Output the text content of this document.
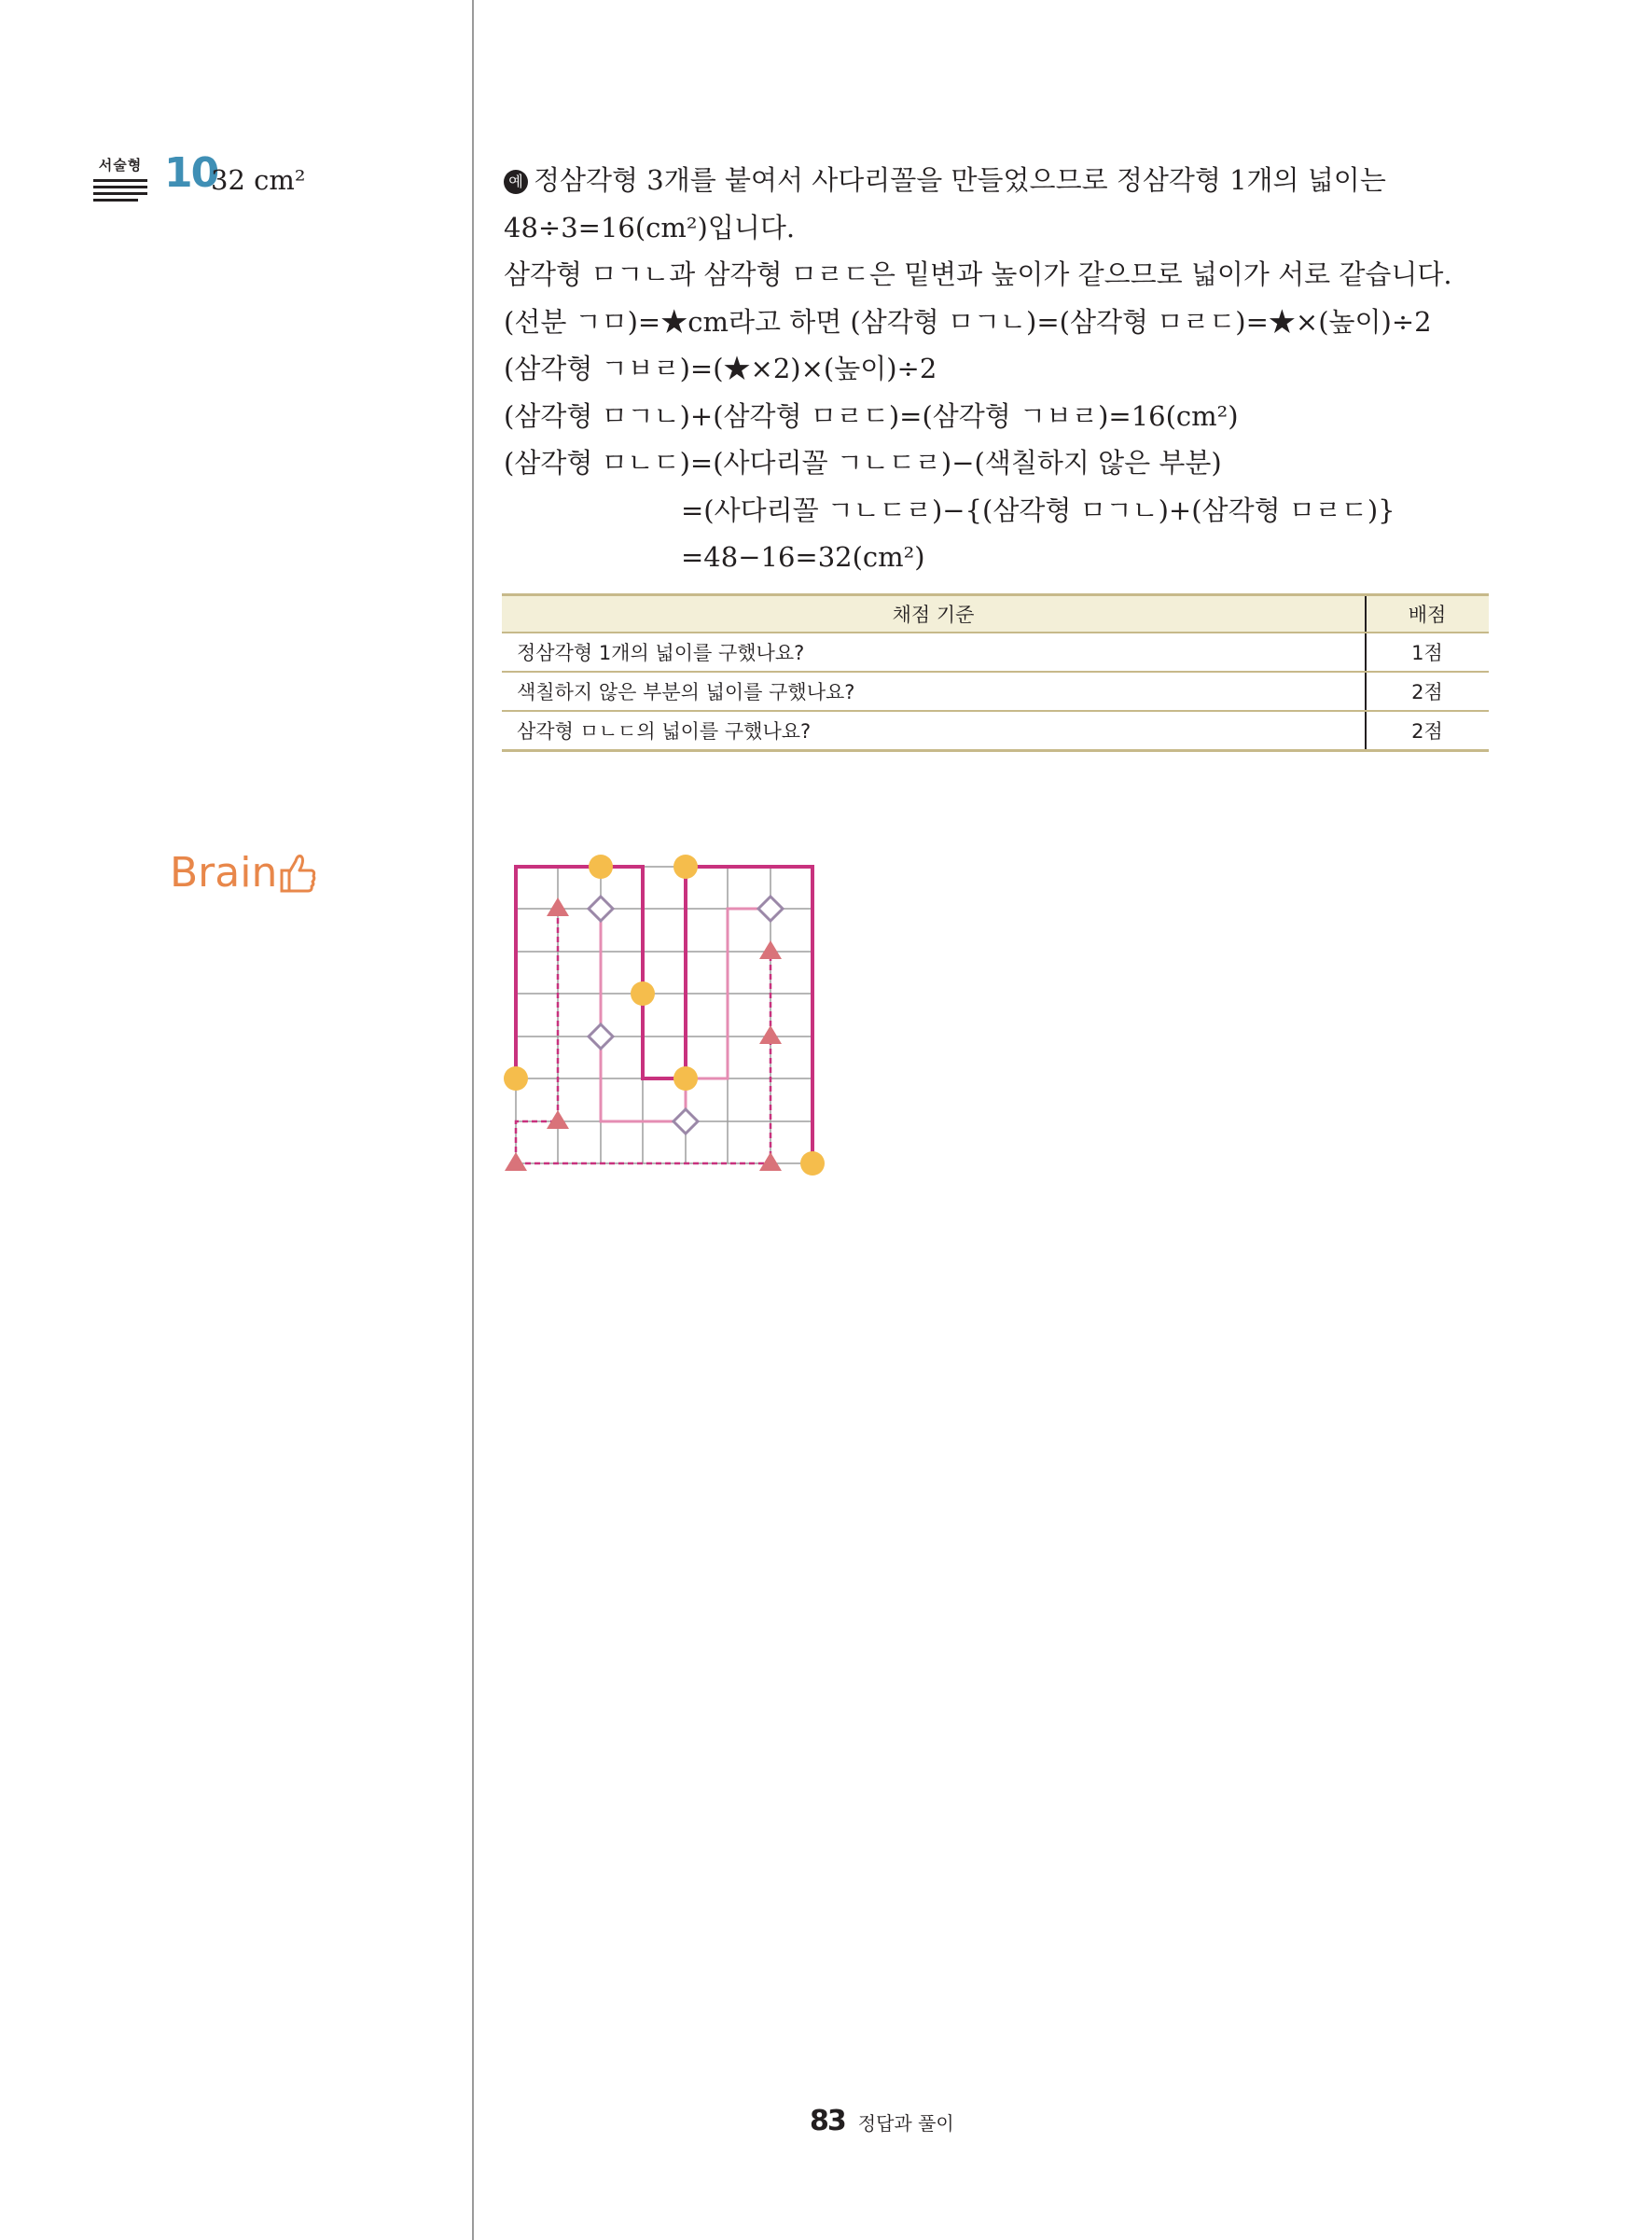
서술형 10
32 cm²
Brain
예 정삼각형 3개를 붙여서 사다리꼴을 만들었으므로 정삼각형 1개의 넓이는
48÷3=16(cm²)입니다.
삼각형 ㅁㄱㄴ과 삼각형 ㅁㄹㄷ은 밑변과 높이가 같으므로 넓이가 서로 같습니다.
(선분 ㄱㅁ)=★cm라고 하면 (삼각형 ㅁㄱㄴ)=(삼각형 ㅁㄹㄷ)=★×(높이)÷2
(삼각형 ㄱㅂㄹ)=(★×2)×(높이)÷2
(삼각형 ㅁㄱㄴ)+(삼각형 ㅁㄹㄷ)=(삼각형 ㄱㅂㄹ)=16(cm²)
(삼각형 ㅁㄴㄷ)=(사다리꼴 ㄱㄴㄷㄹ)−(색칠하지 않은 부분)
=(사다리꼴 ㄱㄴㄷㄹ)−{(삼각형 ㅁㄱㄴ)+(삼각형 ㅁㄹㄷ)}
=48−16=32(cm²)
채점 기준	배점
정삼각형 1개의 넓이를 구했나요?	1점
색칠하지 않은 부분의 넓이를 구했나요?	2점
삼각형 ㅁㄴㄷ의 넓이를 구했나요?	2점
83 정답과 풀이
